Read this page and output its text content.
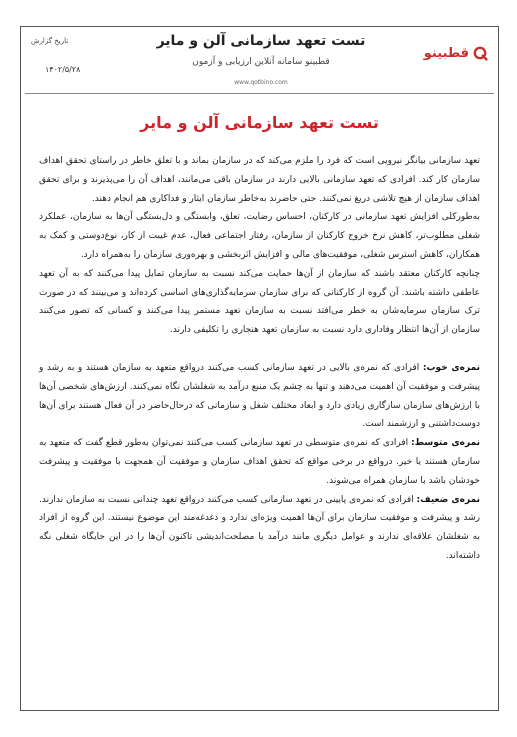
تاریخ گزارش
۱۴۰۲/۵/۲۸
تست تعهد سازمانی آلن و مایر
قطبینو سامانه آنلاین ارزیابی و آزمون
www.qotbino.com
قطبینو
تست تعهد سازمانی آلن و مایر

تعهد سازمانی بیانگر نیرویی است که فرد را ملزم می‌کند که در سازمان بماند و با تعلق خاطر در راستای تحقق اهداف سازمان کار کند. افرادی که تعهد سازمانی بالایی دارند در سازمان باقی می‌مانند، اهداف آن را می‌پذیرند و برای تحقق اهداف سازمان از هیچ تلاشی دریغ نمی‌کنند. حتی حاضرند به‌خاطر سازمان ایثار و فداکاری هم انجام دهند.

به‌طورکلی افزایش تعهد سازمانی در کارکنان، احساس رضایت، تعلق، وابستگی و دل‌بستگی آن‌ها به سازمان، عملکرد شغلی مطلوب‌تر، کاهش نرخ خروج کارکنان از سازمان، رفتار اجتماعی فعال، عدم غیبت از کار، نوع‌دوستی و کمک به همکاران، کاهش استرس شغلی، موفقیت‌های مالی و افزایش اثربخشی و بهره‌وری سازمان را به‌همراه دارد.

چنانچه کارکنان معتقد باشند که سازمان از آن‌ها حمایت می‌کند نسبت به سازمان تمایل پیدا می‌کنند که به آن تعهد عاطفی داشته باشند. آن گروه از کارکنانی که برای سازمان سرمایه‌گذاری‌های اساسی کرده‌اند و می‌بینند که در صورت ترک سازمان سرمایه‌شان به خطر می‌افتد نسبت به سازمان تعهد مستمر پیدا می‌کنند و کسانی که تصور می‌کنند سازمان از آن‌ها انتظار وفاداری دارد نسبت به سازمان تعهد هنجاری را تکلیفی دارند.

نمره‌ی خوب: افرادی که نمره‌ی بالایی در تعهد سازمانی کسب می‌کنند درواقع متعهد به سازمان هستند و به رشد و پیشرفت و موفقیت آن اهمیت می‌دهند و تنها به چشم یک منبع درآمد به شغلشان نگاه نمی‌کنند. ارزش‌های شخصی آن‌ها با ارزش‌های سازمان سازگاری زیادی دارد و ابعاد مختلف شغل و سازمانی که درحال‌حاضر در آن فعال هستند برای آن‌ها دوست‌داشتنی و ارزشمند است.

نمره‌ی متوسط: افرادی که نمره‌ی متوسطی در تعهد سازمانی کسب می‌کنند نمی‌توان به‌طور قطع گفت که متعهد به سازمان هستند یا خیر. درواقع در برخی مواقع که تحقق اهداف سازمان و موفقیت آن همجهت با موفقیت و پیشرفت خودشان باشد با سازمان همراه می‌شوند.

نمره‌ی ضعیف: افرادی که نمره‌ی پایینی در تعهد سازمانی کسب می‌کنند درواقع تعهد چندانی نسبت به سازمان ندارند. رشد و پیشرفت و موفقیت سازمان برای آن‌ها اهمیت ویژه‌ای ندارد و دغدغه‌مند این موضوع نیستند. این گروه از افراد به شغلشان علاقه‌ای ندارند و عوامل دیگری مانند درآمد یا مصلحت‌اندیشی تاکنون آن‌ها را در این جایگاه شغلی نگه داشته‌اند.
